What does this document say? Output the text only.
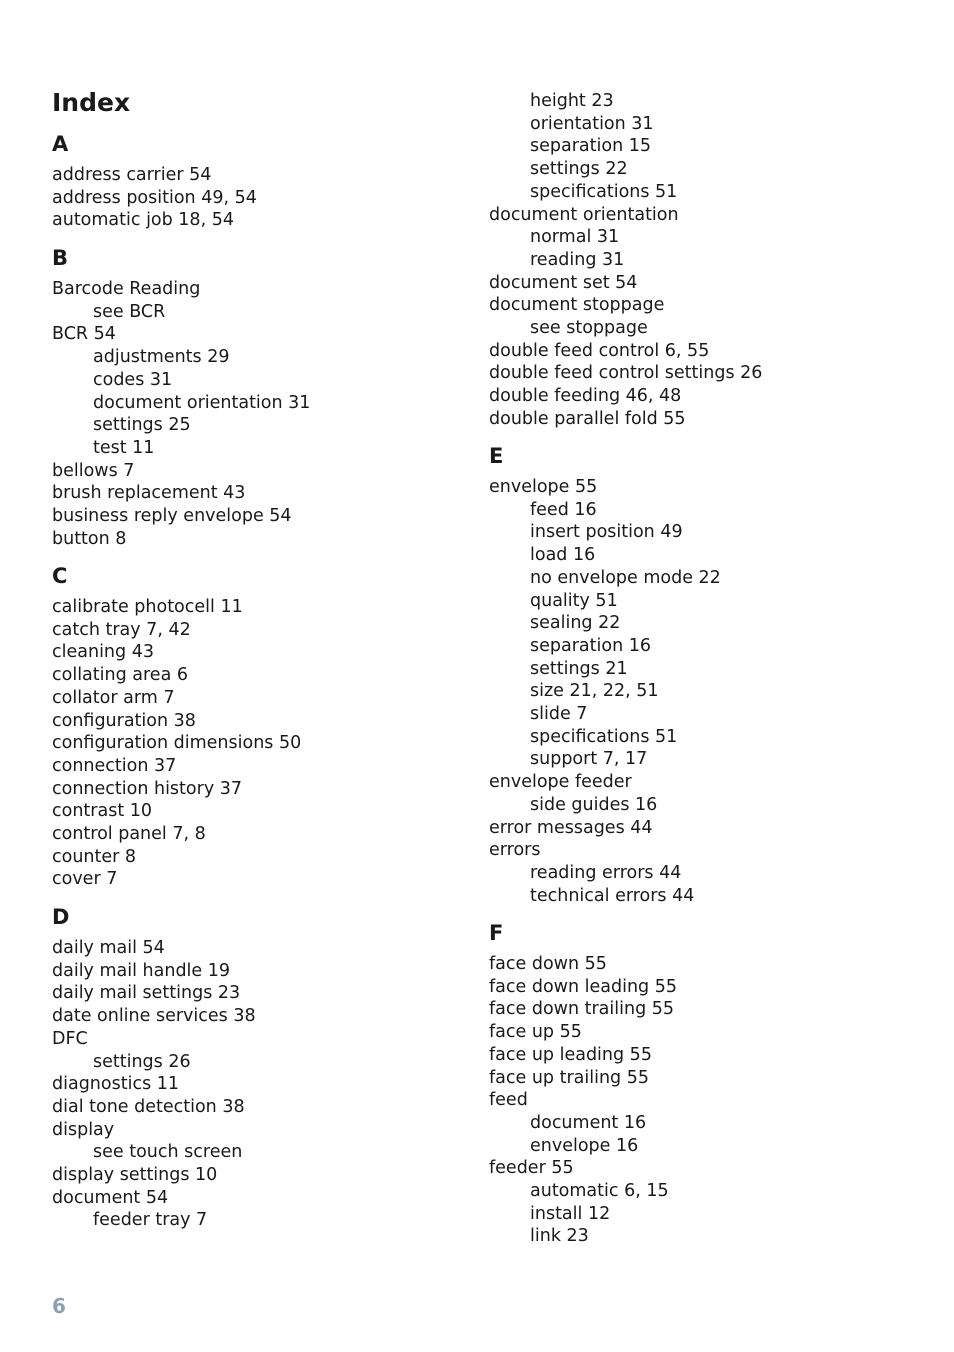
Index
A
address carrier 54
address position 49, 54
automatic job 18, 54
B
Barcode Reading
see BCR
BCR 54
adjustments 29
codes 31
document orientation 31
settings 25
test 11
bellows 7
brush replacement 43
business reply envelope 54
button 8
C
calibrate photocell 11
catch tray 7, 42
cleaning 43
collating area 6
collator arm 7
configuration 38
configuration dimensions 50
connection 37
connection history 37
contrast 10
control panel 7, 8
counter 8
cover 7
D
daily mail 54
daily mail handle 19
daily mail settings 23
date online services 38
DFC
settings 26
diagnostics 11
dial tone detection 38
display
see touch screen
display settings 10
document 54
feeder tray 7
height 23
orientation 31
separation 15
settings 22
specifications 51
document orientation
normal 31
reading 31
document set 54
document stoppage
see stoppage
double feed control 6, 55
double feed control settings 26
double feeding 46, 48
double parallel fold 55
E
envelope 55
feed 16
insert position 49
load 16
no envelope mode 22
quality 51
sealing 22
separation 16
settings 21
size 21, 22, 51
slide 7
specifications 51
support 7, 17
envelope feeder
side guides 16
error messages 44
errors
reading errors 44
technical errors 44
F
face down 55
face down leading 55
face down trailing 55
face up 55
face up leading 55
face up trailing 55
feed
document 16
envelope 16
feeder 55
automatic 6, 15
install 12
link 23
6
